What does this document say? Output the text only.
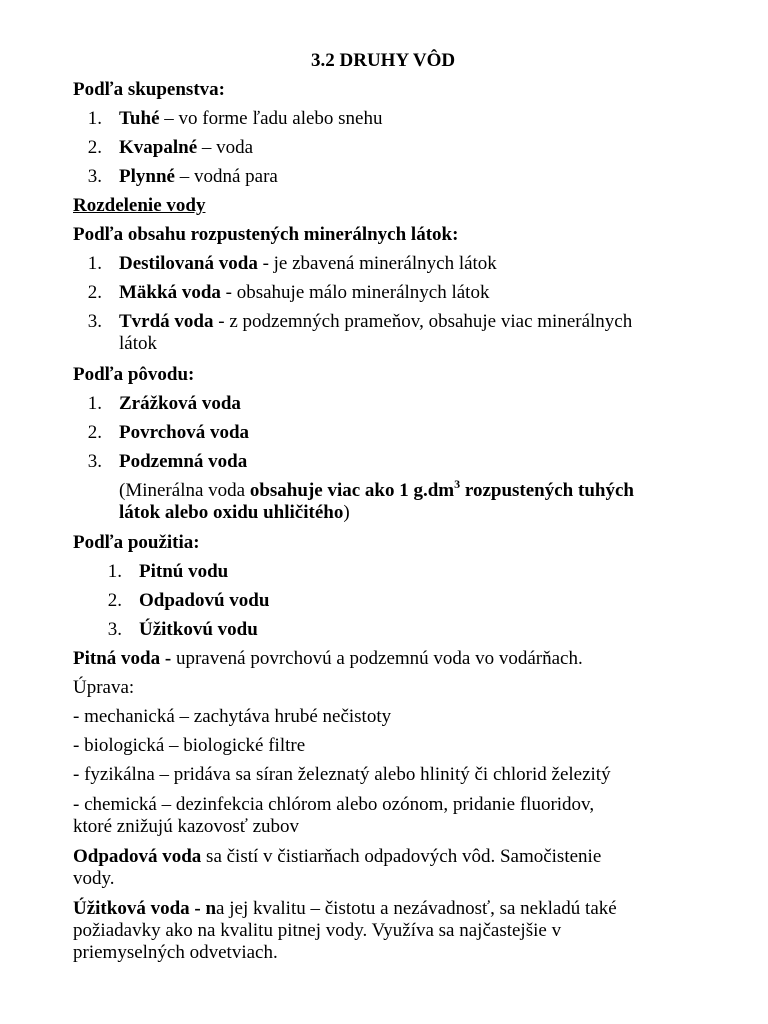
3.2 DRUHY VÔD
Podľa skupenstva:
1. Tuhé – vo forme ľadu alebo snehu
2. Kvapalné – voda
3. Plynné – vodná para
Rozdelenie vody
Podľa obsahu rozpustených minerálnych látok:
1. Destilovaná voda - je zbavená minerálnych látok
2. Mäkká voda - obsahuje málo minerálnych látok
3. Tvrdá voda - z podzemných prameňov, obsahuje viac minerálnych
látok
Podľa pôvodu:
1. Zrážková voda
2. Povrchová voda
3. Podzemná voda
(Minerálna voda obsahuje viac ako 1 $g.dm^3$ rozpustených tuhých
látok alebo oxidu uhličitého)
Podľa použitia:
1. Pitnú vodu
2. Odpadovú vodu
3. Úžitkovú vodu
Pitná voda - upravená povrchovú a podzemnú voda vo vodárňach.
Úprava:
- mechanická – zachytáva hrubé nečistoty
- biologická – biologické filtre
- fyzikálna – pridáva sa síran železnatý alebo hlinitý či chlorid železitý
- chemická – dezinfekcia chlórom alebo ozónom, pridanie fluoridov,
ktoré znižujú kazovosť zubov
Odpadová voda sa čistí v čistiarňach odpadových vôd. Samočistenie
vody.
Úžitková voda - na jej kvalitu – čistotu a nezávadnosť, sa nekladú také
požiadavky ako na kvalitu pitnej vody. Využíva sa najčastejšie v
priemyselných odvetviach.
